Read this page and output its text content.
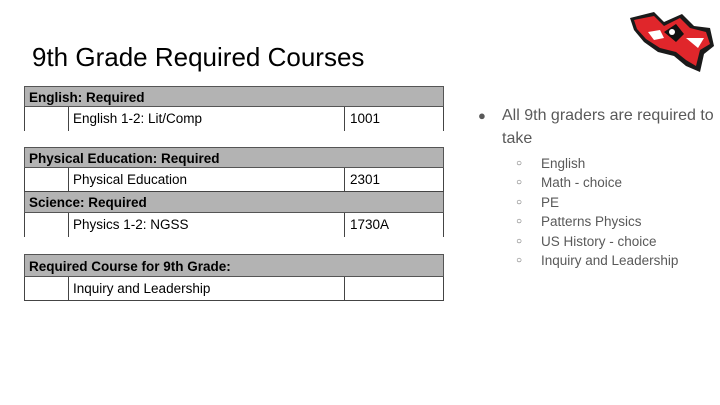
9th Grade Required Courses
English: Required
English 1-2: Lit/Comp	1001
Physical Education: Required
Physical Education	2301
Science: Required
Physics 1-2: NGSS	1730A
Required Course for 9th Grade:
Inquiry and Leadership
●	All 9th graders are required to take
○	English
○	Math - choice
○	PE
○	Patterns Physics
○	US History - choice
○	Inquiry and Leadership
